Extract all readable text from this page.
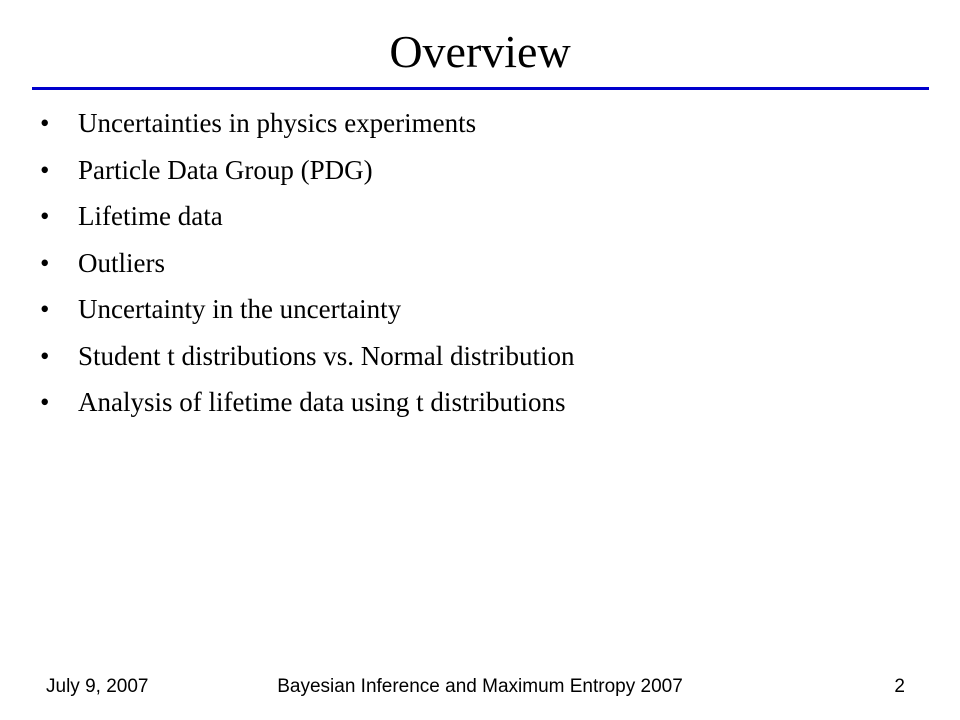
Overview
• Uncertainties in physics experiments
• Particle Data Group (PDG)
• Lifetime data
• Outliers
• Uncertainty in the uncertainty
• Student t distributions vs. Normal distribution
• Analysis of lifetime data using t distributions
July 9, 2007	Bayesian Inference and Maximum Entropy 2007	2
